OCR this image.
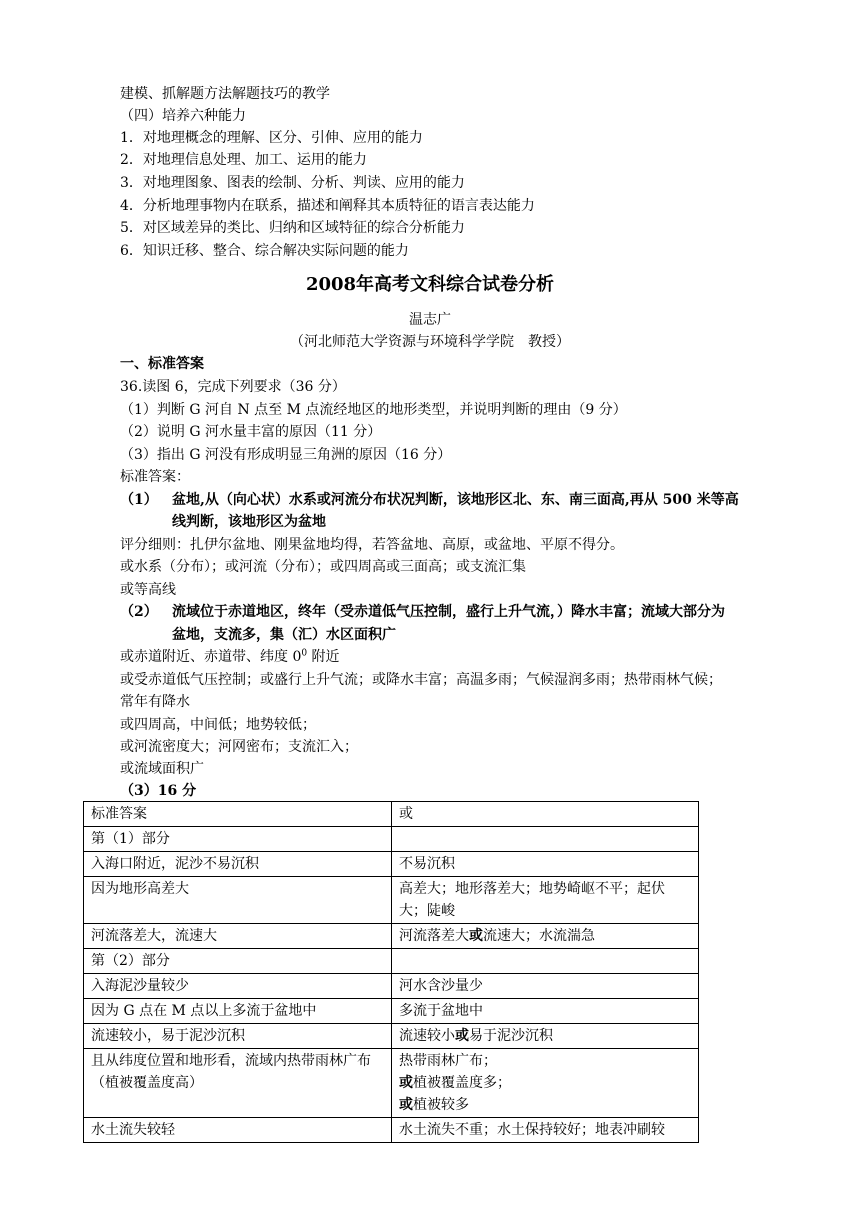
建模、抓解题方法解题技巧的教学
（四）培养六种能力
1．对地理概念的理解、区分、引伸、应用的能力
2．对地理信息处理、加工、运用的能力
3．对地理图象、图表的绘制、分析、判读、应用的能力
4．分析地理事物内在联系，描述和阐释其本质特征的语言表达能力
5．对区域差异的类比、归纳和区域特征的综合分析能力
6．知识迁移、整合、综合解决实际问题的能力
2008年高考文科综合试卷分析
温志广
（河北师范大学资源与环境科学学院　教授）
一、标准答案
36.读图 6，完成下列要求（36 分）
（1）判断 G 河自 N 点至 M 点流经地区的地形类型，并说明判断的理由（9 分）
（2）说明 G 河水量丰富的原因（11 分）
（3）指出 G 河没有形成明显三角洲的原因（16 分）
标准答案：
（1） 盆地,从（向心状）水系或河流分布状况判断，该地形区北、东、南三面高,再从 500 米等高
线判断，该地形区为盆地
评分细则：扎伊尔盆地、刚果盆地均得，若答盆地、高原，或盆地、平原不得分。
或水系（分布）；或河流（分布）；或四周高或三面高；或支流汇集
或等高线
（2） 流域位于赤道地区，终年（受赤道低气压控制，盛行上升气流，）降水丰富；流域大部分为
盆地，支流多，集（汇）水区面积广
或赤道附近、赤道带、纬度 $0^0$ 附近
或受赤道低气压控制；或盛行上升气流；或降水丰富；高温多雨；气候湿润多雨；热带雨林气候；
常年有降水
或四周高，中间低；地势较低；
或河流密度大；河网密布；支流汇入；
或流域面积广
（3）16 分
标准答案	或
第（1）部分	
入海口附近，泥沙不易沉积	不易沉积
因为地形高差大	高差大；地形落差大；地势崎岖不平；起伏大；陡峻
河流落差大，流速大	河流落差大或流速大；水流湍急
第（2）部分	
入海泥沙量较少	河水含沙量少
因为 G 点在 M 点以上多流于盆地中	多流于盆地中
流速较小，易于泥沙沉积	流速较小或易于泥沙沉积
且从纬度位置和地形看，流域内热带雨林广布（植被覆盖度高）	热带雨林广布；
或植被覆盖度多；
或植被较多

水土流失较轻	水土流失不重；水土保持较好；地表冲刷较
